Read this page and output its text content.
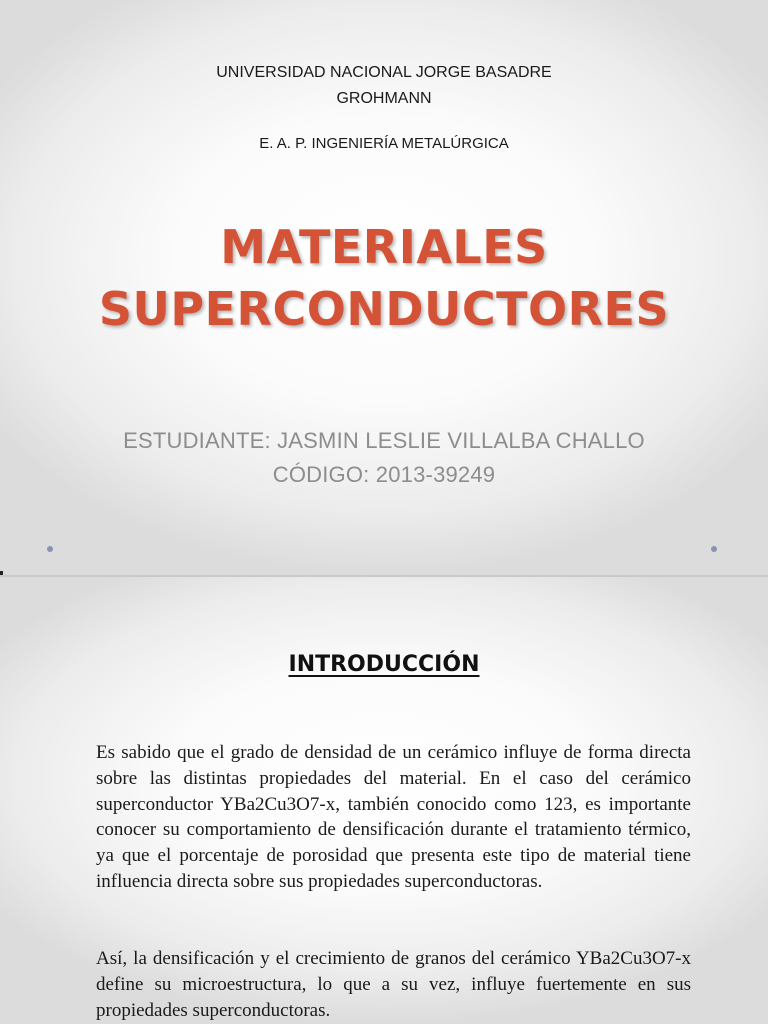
UNIVERSIDAD NACIONAL JORGE BASADRE
GROHMANN
E. A. P. INGENIERÍA METALÚRGICA
MATERIALES
SUPERCONDUCTORES
ESTUDIANTE: JASMIN LESLIE VILLALBA CHALLO
CÓDIGO: 2013-39249
INTRODUCCIÓN

Es sabido que el grado de densidad de un cerámico influye de forma directa sobre las distintas propiedades del material. En el caso del cerámico superconductor YBa2Cu3O7-x, también conocido como 123, es importante conocer su comportamiento de densificación durante el tratamiento térmico, ya que el porcentaje de porosidad que presenta este tipo de material tiene influencia directa sobre sus propiedades superconductoras.

Así, la densificación y el crecimiento de granos del cerámico YBa2Cu3O7-x define su microestructura, lo que a su vez, influye fuertemente en sus propiedades superconductoras.
